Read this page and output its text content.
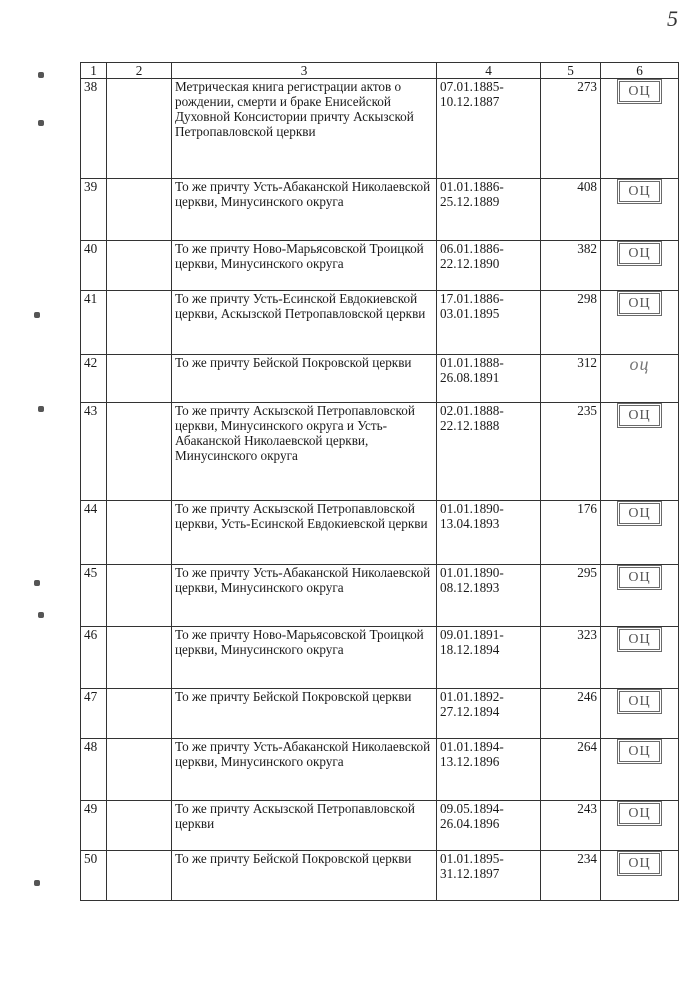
5
1	2	3	4	5	6
38		Метрическая книга регистрации актов о рождении, смерти и браке Енисейской Духовной Консистории причту Аскызской Петропавловской церкви	07.01.1885-10.12.1887	273	ОЦ
39		То же причту Усть-Абаканской Николаевской церкви, Минусинского округа	01.01.1886-25.12.1889	408	ОЦ
40		То же причту Ново-Марьясовской Троицкой церкви, Минусинского округа	06.01.1886-22.12.1890	382	ОЦ
41		То же причту Усть-Есинской Евдокиевской церкви, Аскызской Петропавловской церкви	17.01.1886-03.01.1895	298	ОЦ
42		То же причту Бейской Покровской церкви	01.01.1888-26.08.1891	312	оц
43		То же причту Аскызской Петропавловской церкви, Минусинского округа и Усть-Абаканской Николаевской церкви, Минусинского округа	02.01.1888-22.12.1888	235	ОЦ
44		То же причту Аскызской Петропавловской церкви, Усть-Есинской Евдокиевской церкви	01.01.1890-13.04.1893	176	ОЦ
45		То же причту Усть-Абаканской Николаевской церкви, Минусинского округа	01.01.1890-08.12.1893	295	ОЦ
46		То же причту Ново-Марьясовской Троицкой церкви, Минусинского округа	09.01.1891-18.12.1894	323	ОЦ
47		То же причту Бейской Покровской церкви	01.01.1892-27.12.1894	246	ОЦ
48		То же причту Усть-Абаканской Николаевской церкви, Минусинского округа	01.01.1894-13.12.1896	264	ОЦ
49		То же причту Аскызской Петропавловской церкви	09.05.1894-26.04.1896	243	ОЦ
50		То же причту Бейской Покровской церкви	01.01.1895-31.12.1897	234	ОЦ
